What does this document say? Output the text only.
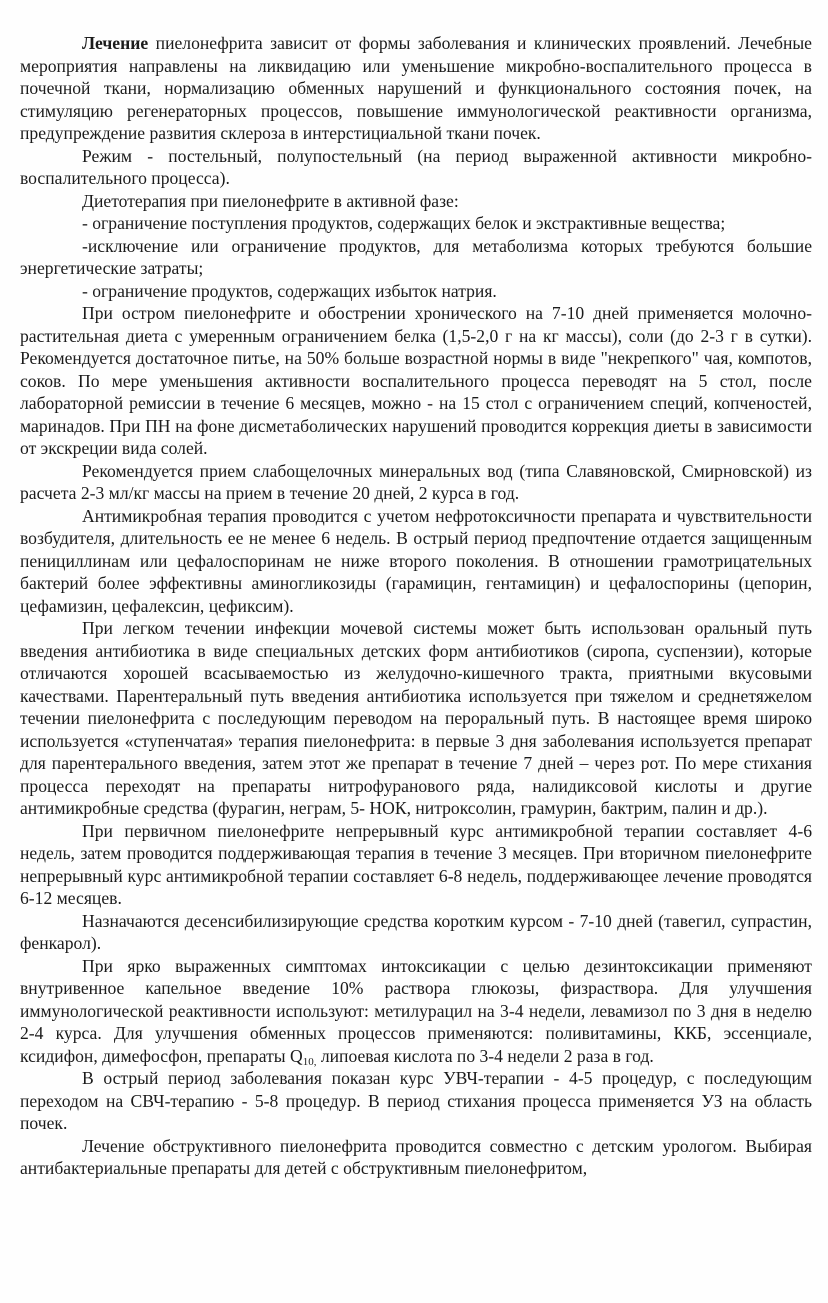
Лечение пиелонефрита зависит от формы заболевания и клинических проявлений. Лечебные мероприятия направлены на ликвидацию или уменьшение микробно-воспалительного процесса в почечной ткани, нормализацию обменных нарушений и функционального состояния почек, на стимуляцию регенераторных процессов, повышение иммунологической реактивности организма, предупреждение развития склероза в интерстициальной ткани почек.

Режим - постельный, полупостельный (на период выраженной активности микробно-воспалительного процесса).

Диетотерапия при пиелонефрите в активной фазе:

- ограничение поступления продуктов, содержащих белок и экстрактивные вещества;

-исключение или ограничение продуктов, для метаболизма которых требуются большие энергетические затраты;

- ограничение продуктов, содержащих избыток натрия.

При остром пиелонефрите и обострении хронического на 7-10 дней применяется молочно-растительная диета с умеренным ограничением белка (1,5-2,0 г на кг массы), соли (до 2-3 г в сутки). Рекомендуется достаточное питье, на 50% больше возрастной нормы в виде "некрепкого" чая, компотов, соков. По мере уменьшения активности воспалительного процесса переводят на 5 стол, после лабораторной ремиссии в течение 6 месяцев, можно - на 15 стол с ограничением специй, копченостей, маринадов. При ПН на фоне дисметаболических нарушений проводится коррекция диеты в зависимости от экскреции вида солей.

Рекомендуется прием слабощелочных минеральных вод (типа Славяновской, Смирновской) из расчета 2-3 мл/кг массы на прием в течение 20 дней, 2 курса в год.

Антимикробная терапия проводится с учетом нефротоксичности препарата и чувствительности возбудителя, длительность ее не менее 6 недель. В острый период предпочтение отдается защищенным пенициллинам или цефалоспоринам не ниже второго поколения. В отношении грамотрицательных бактерий более эффективны аминогликозиды (гарамицин, гентамицин) и цефалоспорины (цепорин, цефамизин, цефалексин, цефиксим).

При легком течении инфекции мочевой системы может быть использован оральный путь введения антибиотика в виде специальных детских форм антибиотиков (сиропа, суспензии), которые отличаются хорошей всасываемостью из желудочно-кишечного тракта, приятными вкусовыми качествами. Парентеральный путь введения антибиотика используется при тяжелом и среднетяжелом течении пиелонефрита с последующим переводом на пероральный путь. В настоящее время широко используется «ступенчатая» терапия пиелонефрита: в первые 3 дня заболевания используется препарат для парентерального введения, затем этот же препарат в течение 7 дней – через рот. По мере стихания процесса переходят на препараты нитрофуранового ряда, налидиксовой кислоты и другие антимикробные средства (фурагин, неграм, 5- НОК, нитроксолин, грамурин, бактрим, палин и др.).

При первичном пиелонефрите непрерывный курс антимикробной терапии составляет 4-6 недель, затем проводится поддерживающая терапия в течение 3 месяцев. При вторичном пиелонефрите непрерывный курс антимикробной терапии составляет 6-8 недель, поддерживающее лечение проводятся 6-12 месяцев.

Назначаются десенсибилизирующие средства коротким курсом - 7-10 дней (тавегил, супрастин, фенкарол).

При ярко выраженных симптомах интоксикации с целью дезинтоксикации применяют внутривенное капельное введение 10% раствора глюкозы, физраствора. Для улучшения иммунологической реактивности используют: метилурацил на 3-4 недели, левамизол по 3 дня в неделю 2-4 курса. Для улучшения обменных процессов применяются: поливитамины, ККБ, эссенциале, ксидифон, димефосфон, препараты $Q_{10,}$ липоевая кислота по 3-4 недели 2 раза в год.

В острый период заболевания показан курс УВЧ-терапии - 4-5 процедур, с последующим переходом на СВЧ-терапию - 5-8 процедур. В период стихания процесса применяется УЗ на область почек.

Лечение обструктивного пиелонефрита проводится совместно с детским урологом. Выбирая антибактериальные препараты для детей с обструктивным пиелонефритом,
